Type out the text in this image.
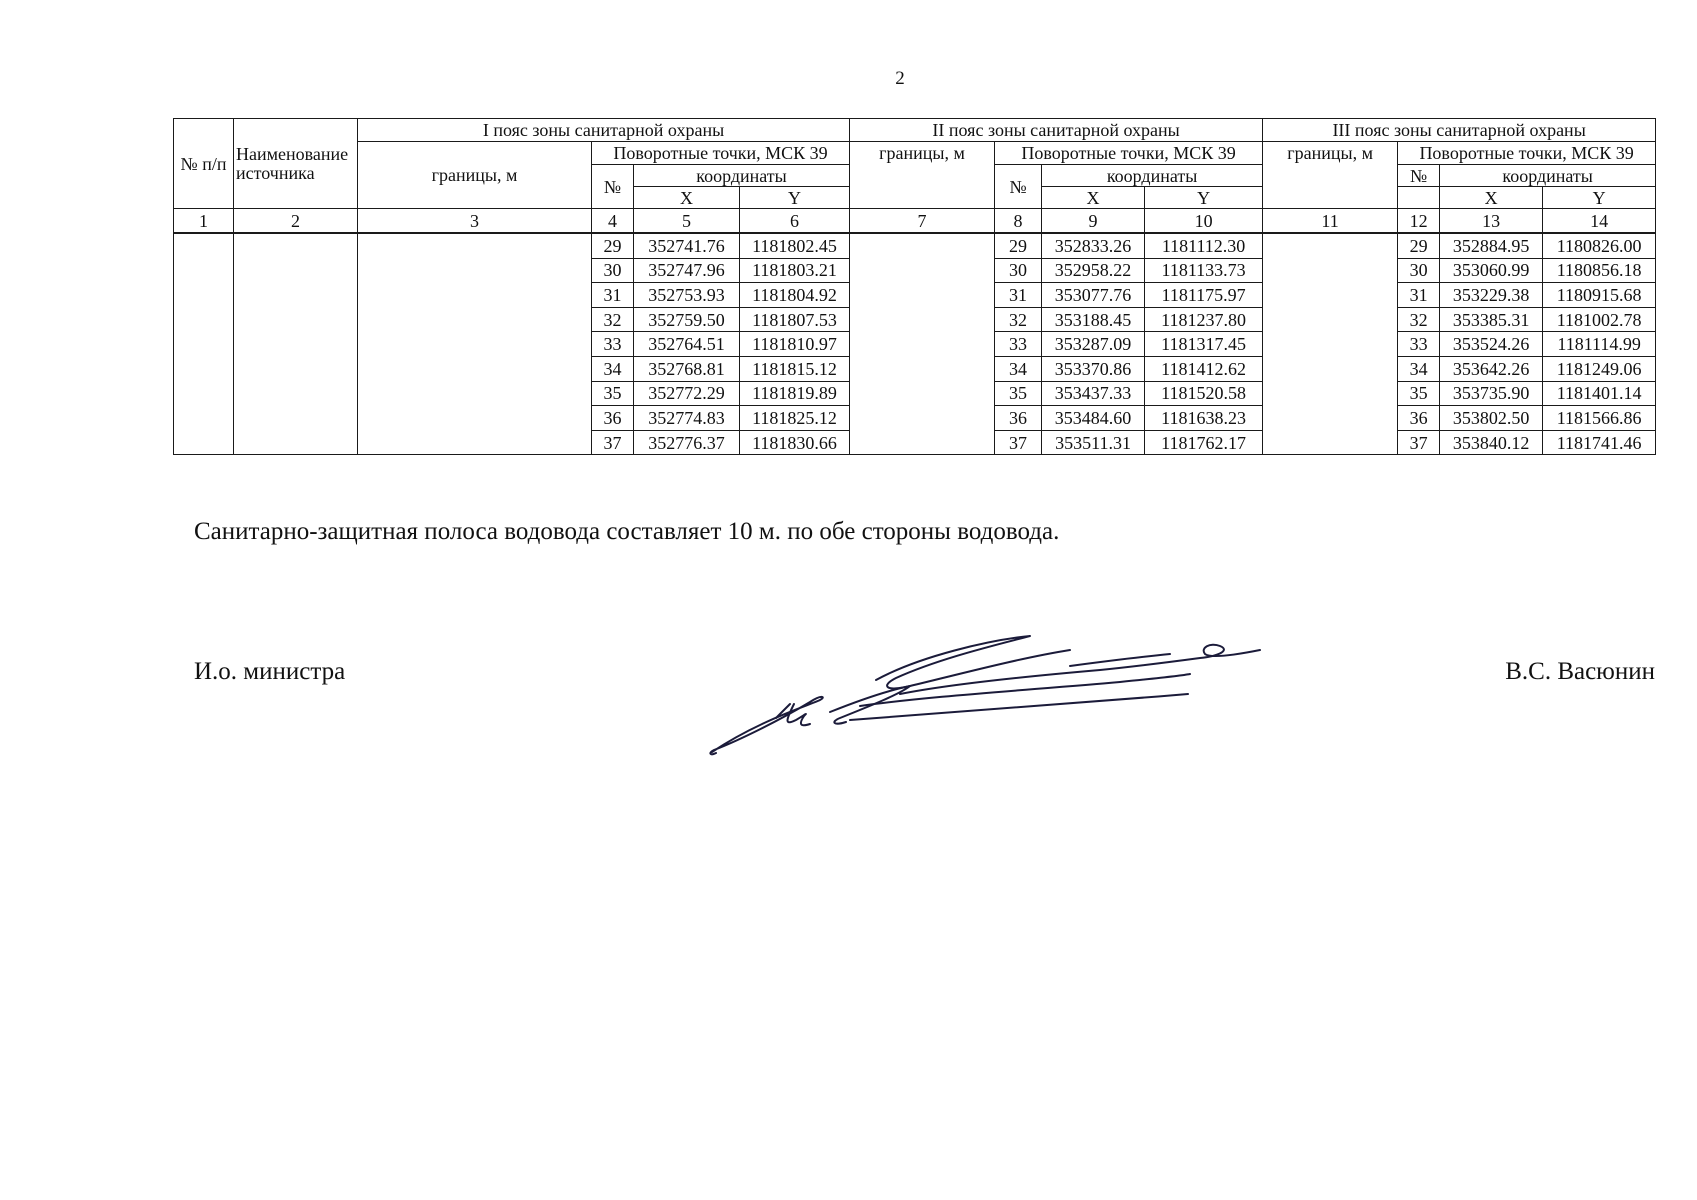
2
№ п/п	Наименование источника	I пояс зоны санитарной охраны				II пояс зоны санитарной охраны				III пояс зоны санитарной охраны			
		границы, м	Поворотные точки, МСК 39			границы, м	Поворотные точки, МСК 39			границы, м	Поворотные точки, МСК 39		
			№	координаты			№	координаты			№	координаты	
				X	Y			X	Y			X	Y
1	2	3	4	5	6	7	8	9	10	11	12	13	14
			29	352741.76	1181802.45		29	352833.26	1181112.30		29	352884.95	1180826.00
			30	352747.96	1181803.21		30	352958.22	1181133.73		30	353060.99	1180856.18
			31	352753.93	1181804.92		31	353077.76	1181175.97		31	353229.38	1180915.68
			32	352759.50	1181807.53		32	353188.45	1181237.80		32	353385.31	1181002.78
			33	352764.51	1181810.97		33	353287.09	1181317.45		33	353524.26	1181114.99
			34	352768.81	1181815.12		34	353370.86	1181412.62		34	353642.26	1181249.06
			35	352772.29	1181819.89		35	353437.33	1181520.58		35	353735.90	1181401.14
			36	352774.83	1181825.12		36	353484.60	1181638.23		36	353802.50	1181566.86
			37	352776.37	1181830.66		37	353511.31	1181762.17		37	353840.12	1181741.46
Санитарно-защитная полоса водовода составляет 10 м. по обе стороны водовода.
И.о. министра	В.С. Васюнин
